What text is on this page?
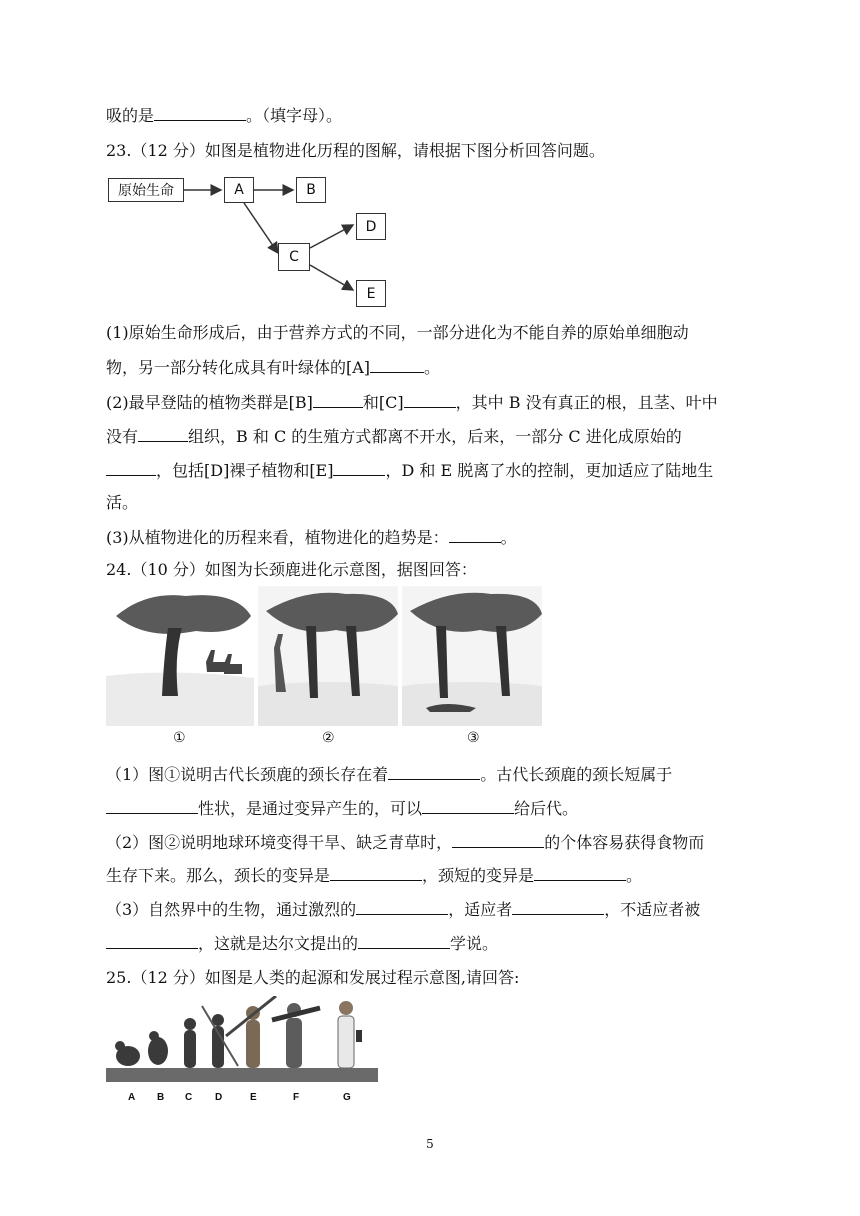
吸的是	。（填字母）。
23.（12 分）如图是植物进化历程的图解，请根据下图分析回答问题。
原始生命	A	B
C
D
E
(1)原始生命形成后，由于营养方式的不同，一部分进化为不能自养的原始单细胞动
物，另一部分转化成具有叶绿体的[A]	。
(2)最早登陆的植物类群是[B]	和[C]	，其中 B 没有真正的根，且茎、叶中
没有	组织，B 和 C 的生殖方式都离不开水，后来，一部分 C 进化成原始的
，包括[D]裸子植物和[E]	，D 和 E 脱离了水的控制，更加适应了陆地生
活。
(3)从植物进化的历程来看，植物进化的趋势是：	。
24.（10 分）如图为长颈鹿进化示意图，据图回答：
①	②	③
（1）图①说明古代长颈鹿的颈长存在着	。古代长颈鹿的颈长短属于
性状，是通过变异产生的，可以	给后代。
（2）图②说明地球环境变得干旱、缺乏青草时，	的个体容易获得食物而
生存下来。那么，颈长的变异是	，颈短的变异是	。
（3）自然界中的生物，通过激烈的	，适应者	，不适应者被
，这就是达尔文提出的	学说。
25.（12 分）如图是人类的起源和发展过程示意图,请回答:
A B C D	E	F	G
5
